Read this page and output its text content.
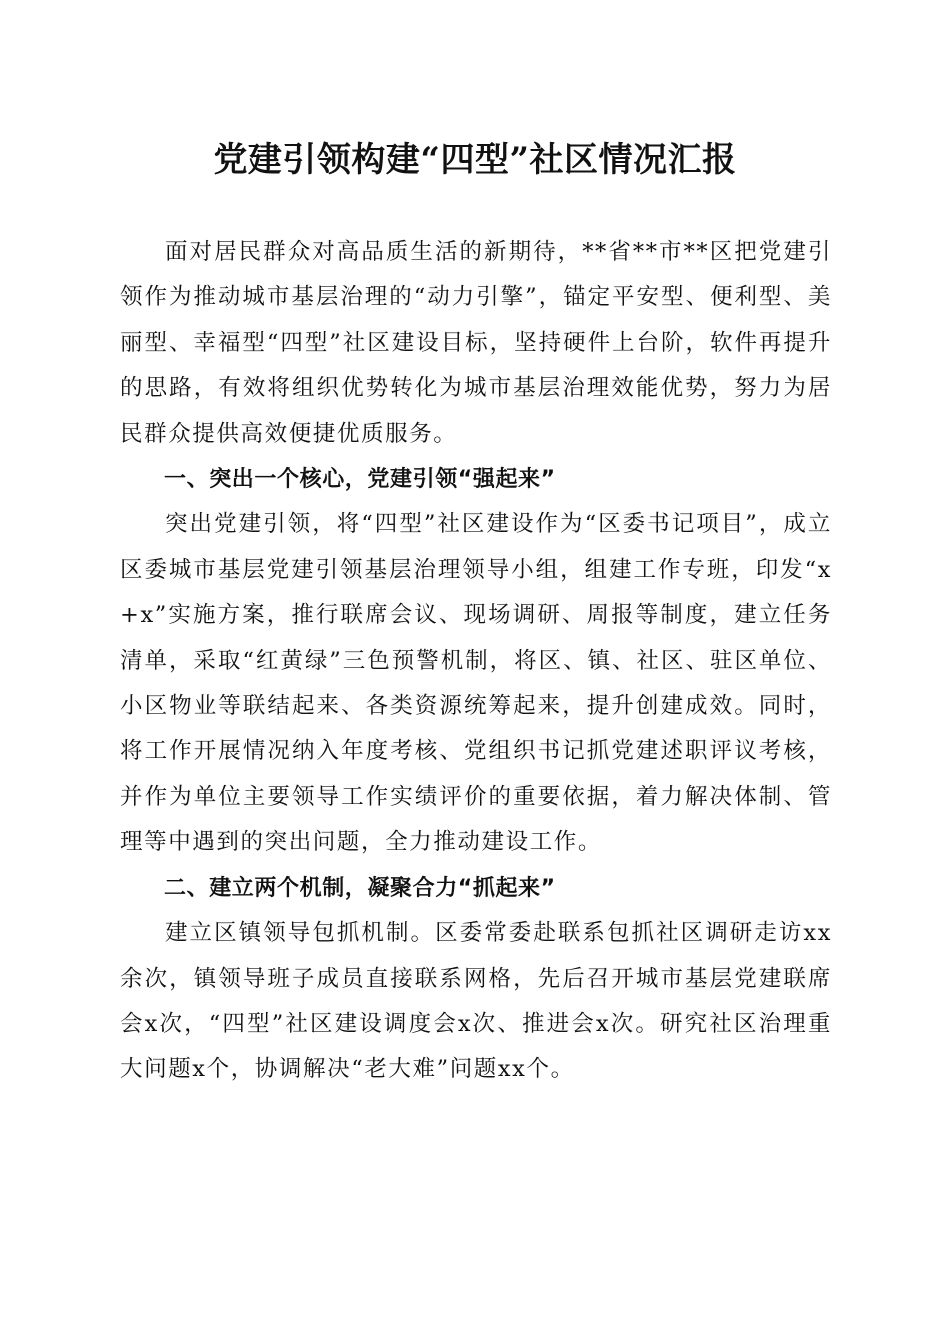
党建引领构建“四型”社区情况汇报

面对居民群众对高品质生活的新期待，**省**市**区把党建引领作为推动城市基层治理的“动力引擎”，锚定平安型、便利型、美丽型、幸福型“四型”社区建设目标，坚持硬件上台阶，软件再提升的思路，有效将组织优势转化为城市基层治理效能优势，努力为居民群众提供高效便捷优质服务。

一、突出一个核心，党建引领“强起来”

突出党建引领，将“四型”社区建设作为“区委书记项目”，成立区委城市基层党建引领基层治理领导小组，组建工作专班，印发“x+x”实施方案，推行联席会议、现场调研、周报等制度，建立任务清单，采取“红黄绿”三色预警机制，将区、镇、社区、驻区单位、小区物业等联结起来、各类资源统筹起来，提升创建成效。同时，将工作开展情况纳入年度考核、党组织书记抓党建述职评议考核，并作为单位主要领导工作实绩评价的重要依据，着力解决体制、管理等中遇到的突出问题，全力推动建设工作。

二、建立两个机制，凝聚合力“抓起来”

建立区镇领导包抓机制。区委常委赴联系包抓社区调研走访xx余次，镇领导班子成员直接联系网格，先后召开城市基层党建联席会x次，“四型”社区建设调度会x次、推进会x次。研究社区治理重大问题x个，协调解决“老大难”问题xx个。
